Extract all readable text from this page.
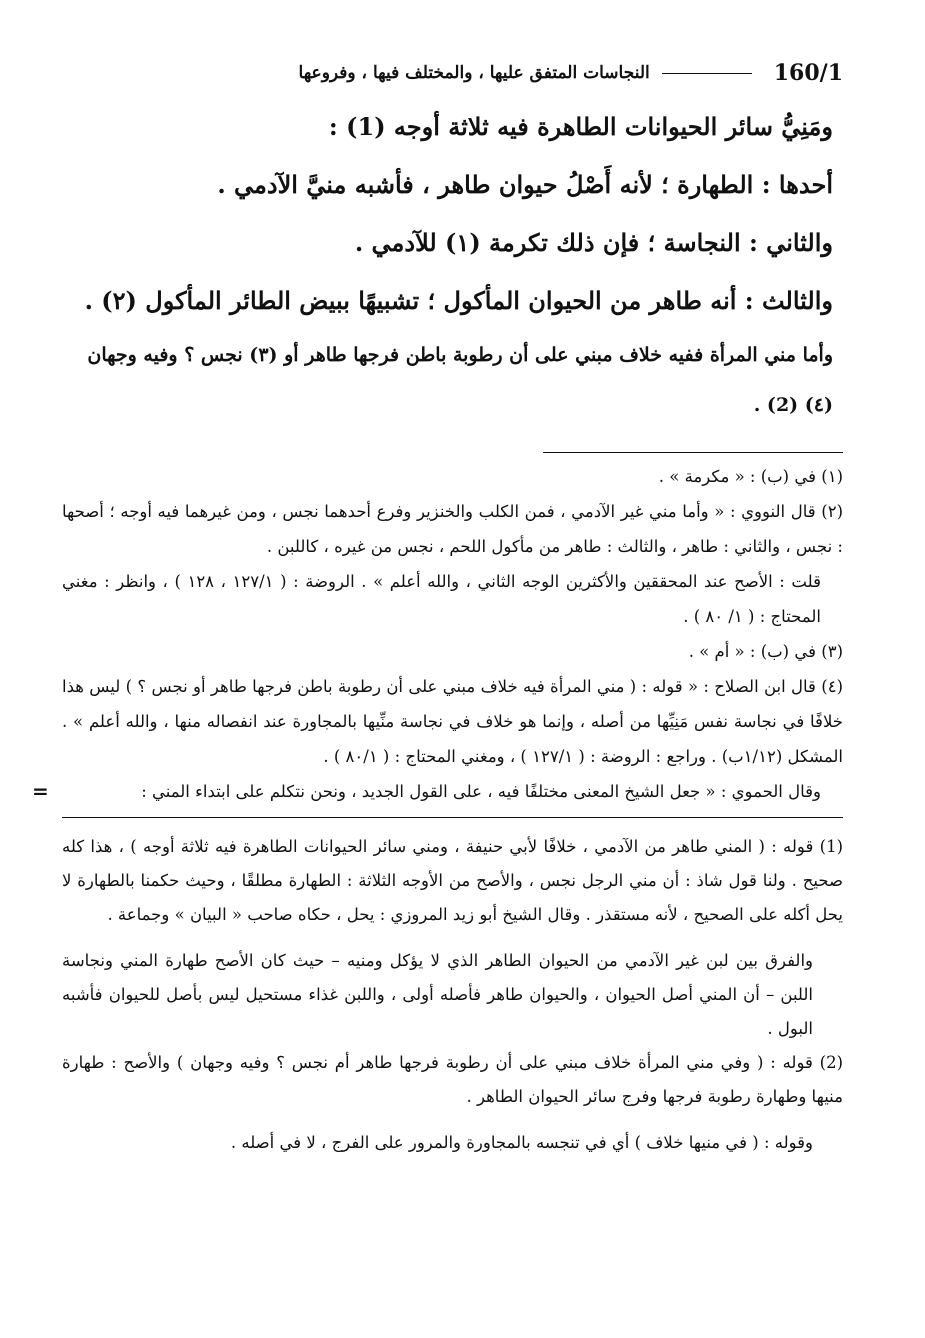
160/1
النجاسات المتفق عليها ، والمختلف فيها ، وفروعها

ومَنِيُّ سائر الحيوانات الطاهرة فيه ثلاثة أوجه (1) :

أحدها : الطهارة ؛ لأنه أَصْلُ حيوان طاهر ، فأشبه منيَّ الآدمي .

والثاني : النجاسة ؛ فإن ذلك تكرمة (١) للآدمي .

والثالث : أنه طاهر من الحيوان المأكول ؛ تشبيهًا ببيض الطائر المأكول (٢) .

وأما مني المرأة ففيه خلاف مبني على أن رطوبة باطن فرجها طاهر أو (٣) نجس ؟ وفيه وجهان (٤) (2) .

(١) في (ب) : « مكرمة » .

(٢) قال النووي : « وأما مني غير الآدمي ، فمن الكلب والخنزير وفرع أحدهما نجس ، ومن غيرهما فيه أوجه ؛ أصحها : نجس ، والثاني : طاهر ، والثالث : طاهر من مأكول اللحم ، نجس من غيره ، كاللبن .

قلت : الأصح عند المحققين والأكثرين الوجه الثاني ، والله أعلم » . الروضة : ( ١٢٧/١ ، ١٢٨ ) ، وانظر : مغني المحتاج : ( ١/ ٨٠ ) .

(٣) في (ب) : « أم » .

(٤) قال ابن الصلاح : « قوله : ( مني المرأة فيه خلاف مبني على أن رطوبة باطن فرجها طاهر أو نجس ؟ ) ليس هذا خلافًا في نجاسة نفس مَنِيِّها من أصله ، وإنما هو خلاف في نجاسة منِّيها بالمجاورة عند انفصاله منها ، والله أعلم » . المشكل (١/١٢ب) . وراجع : الروضة : ( ١٢٧/١ ) ، ومغني المحتاج : ( ٨٠/١ ) .

وقال الحموي : « جعل الشيخ المعنى مختلفًا فيه ، على القول الجديد ، ونحن نتكلم على ابتداء المني :
=

(1) قوله : ( المني طاهر من الآدمي ، خلافًا لأبي حنيفة ، ومني سائر الحيوانات الطاهرة فيه ثلاثة أوجه ) ، هذا كله صحيح . ولنا قول شاذ : أن مني الرجل نجس ، والأصح من الأوجه الثلاثة : الطهارة مطلقًا ، وحيث حكمنا بالطهارة لا يحل أكله على الصحيح ، لأنه مستقذر . وقال الشيخ أبو زيد المروزي : يحل ، حكاه صاحب « البيان » وجماعة .

والفرق بين لبن غير الآدمي من الحيوان الطاهر الذي لا يؤكل ومنيه – حيث كان الأصح طهارة المني ونجاسة اللبن – أن المني أصل الحيوان ، والحيوان طاهر فأصله أولى ، واللبن غذاء مستحيل ليس بأصل للحيوان فأشبه البول .

(2) قوله : ( وفي مني المرأة خلاف مبني على أن رطوبة فرجها طاهر أم نجس ؟ وفيه وجهان ) والأصح : طهارة منيها وطهارة رطوبة فرجها وفرج سائر الحيوان الطاهر .

وقوله : ( في منيها خلاف ) أي في تنجسه بالمجاورة والمرور على الفرج ، لا في أصله .
